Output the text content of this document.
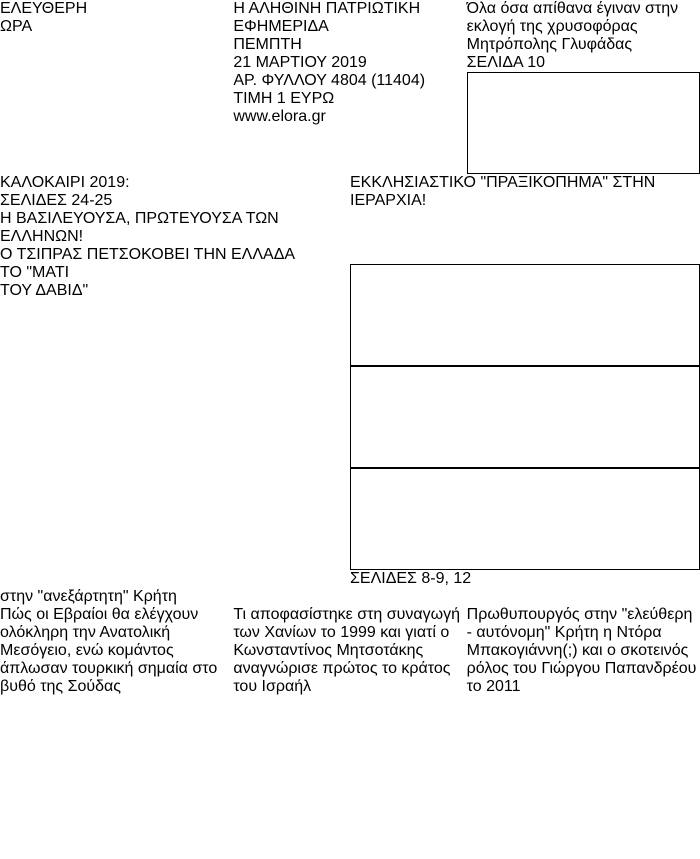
ΕΛΕΥΘΕΡΗ

ΩΡΑ

Η ΑΛΗΘΙΝΗ ΠΑΤΡΙΩΤΙΚΗ ΕΦΗΜΕΡΙΔΑ

ΠΕΜΠΤΗ

21 ΜΑΡΤΙΟΥ 2019

ΑΡ. ΦΥΛΛΟΥ 4804 (11404)

ΤΙΜΗ 1 ΕΥΡΩ

www.elora.gr

Όλα όσα απίθανα έγιναν στην εκλογή της χρυσοφόρας Μητρόπολης Γλυφάδας

ΣΕΛΙΔΑ 10

ΚΑΛΟΚΑΙΡΙ 2019:

ΣΕΛΙΔΕΣ 24-25

Η ΒΑΣΙΛΕΥΟΥΣΑ, ΠΡΩΤΕΥΟΥΣΑ ΤΩΝ ΕΛΛΗΝΩΝ!

ΕΚΚΛΗΣΙΑΣΤΙΚΟ "ΠΡΑΞΙΚΟΠΗΜΑ" ΣΤΗΝ ΙΕΡΑΡΧΙΑ!

Ο ΤΣΙΠΡΑΣ ΠΕΤΣΟΚΟΒΕΙ ΤΗΝ ΕΛΛΑΔΑ

ΤΟ "ΜΑΤΙ

ΤΟΥ ΔΑΒΙΔ"

ΣΕΛΙΔΕΣ 8-9, 12

στην "ανεξάρτητη" Κρήτη

Πώς οι Εβραίοι θα ελέγχουν ολόκληρη την Ανατολική Μεσόγειο, ενώ κομάντος άπλωσαν τουρκική σημαία στο βυθό της Σούδας

Τι αποφασίστηκε στη συναγωγή των Χανίων το 1999 και γιατί ο Κωνσταντίνος Μητσοτάκης αναγνώρισε πρώτος το κράτος του Ισραήλ

Πρωθυπουργός στην "ελεύθερη - αυτόνομη" Κρήτη η Ντόρα Μπακογιάννη(;) και ο σκοτεινός ρόλος του Γιώργου Παπανδρέου το 2011
